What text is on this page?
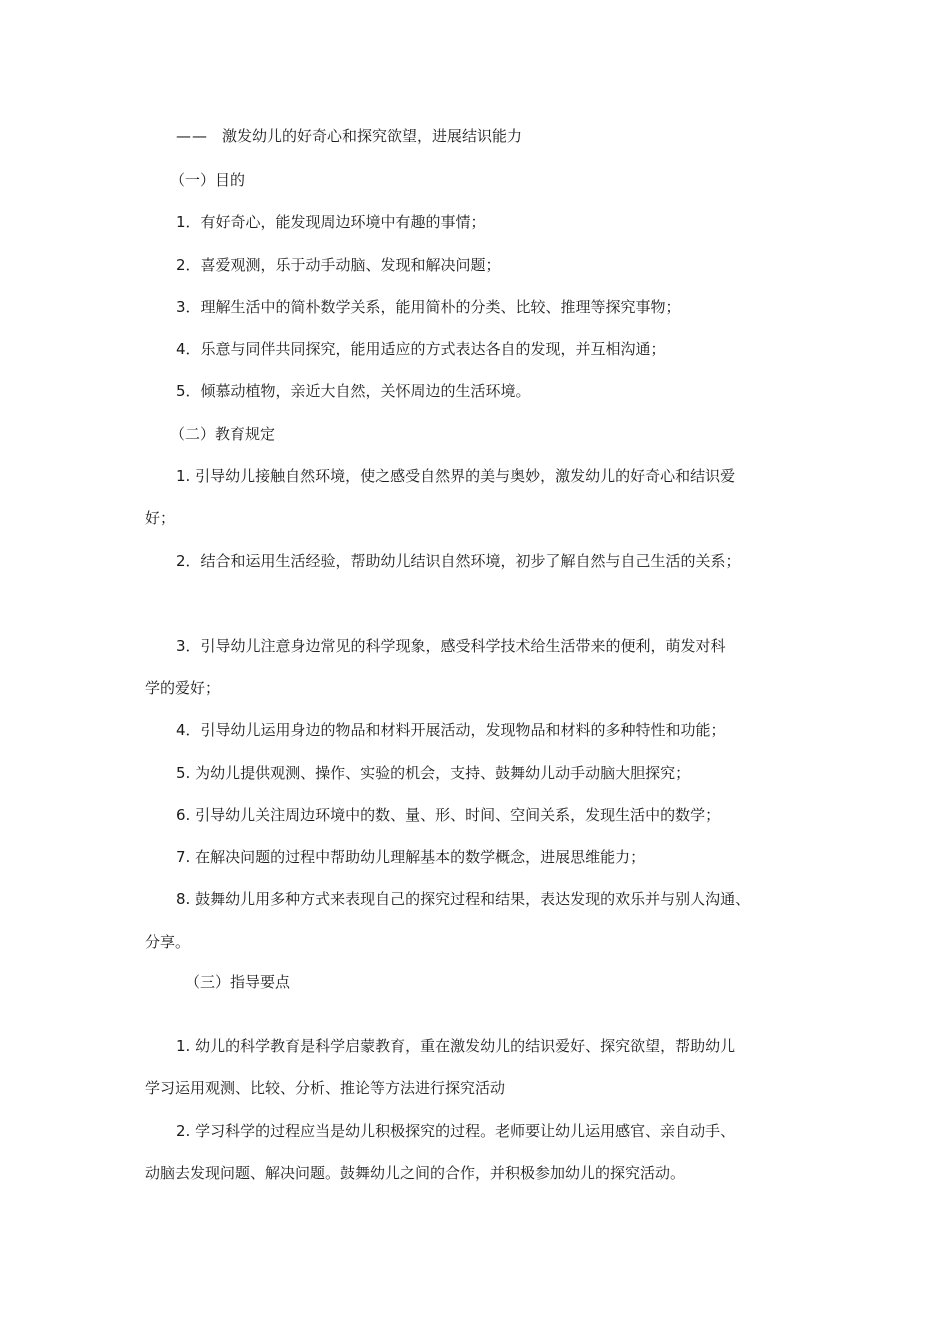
—— 激发幼儿的好奇心和探究欲望，进展结识能力
（一）目的
1．有好奇心，能发现周边环境中有趣的事情；
2．喜爱观测，乐于动手动脑、发现和解决问题；
3．理解生活中的简朴数学关系，能用简朴的分类、比较、推理等探究事物；
4．乐意与同伴共同探究，能用适应的方式表达各自的发现，并互相沟通；
5．倾慕动植物，亲近大自然，关怀周边的生活环境。
（二）教育规定
1. 引导幼儿接触自然环境，使之感受自然界的美与奥妙，激发幼儿的好奇心和结识爱
好；
2．结合和运用生活经验，帮助幼儿结识自然环境，初步了解自然与自己生活的关系；
3．引导幼儿注意身边常见的科学现象，感受科学技术给生活带来的便利，萌发对科
学的爱好；
4．引导幼儿运用身边的物品和材料开展活动，发现物品和材料的多种特性和功能；
5. 为幼儿提供观测、操作、实验的机会，支持、鼓舞幼儿动手动脑大胆探究；
6. 引导幼儿关注周边环境中的数、量、形、时间、空间关系，发现生活中的数学；
7. 在解决问题的过程中帮助幼儿理解基本的数学概念，进展思维能力；
8. 鼓舞幼儿用多种方式来表现自己的探究过程和结果，表达发现的欢乐并与别人沟通、
分享。
（三）指导要点
1. 幼儿的科学教育是科学启蒙教育，重在激发幼儿的结识爱好、探究欲望，帮助幼儿
学习运用观测、比较、分析、推论等方法进行探究活动
2. 学习科学的过程应当是幼儿积极探究的过程。老师要让幼儿运用感官、亲自动手、
动脑去发现问题、解决问题。鼓舞幼儿之间的合作，并积极参加幼儿的探究活动。
